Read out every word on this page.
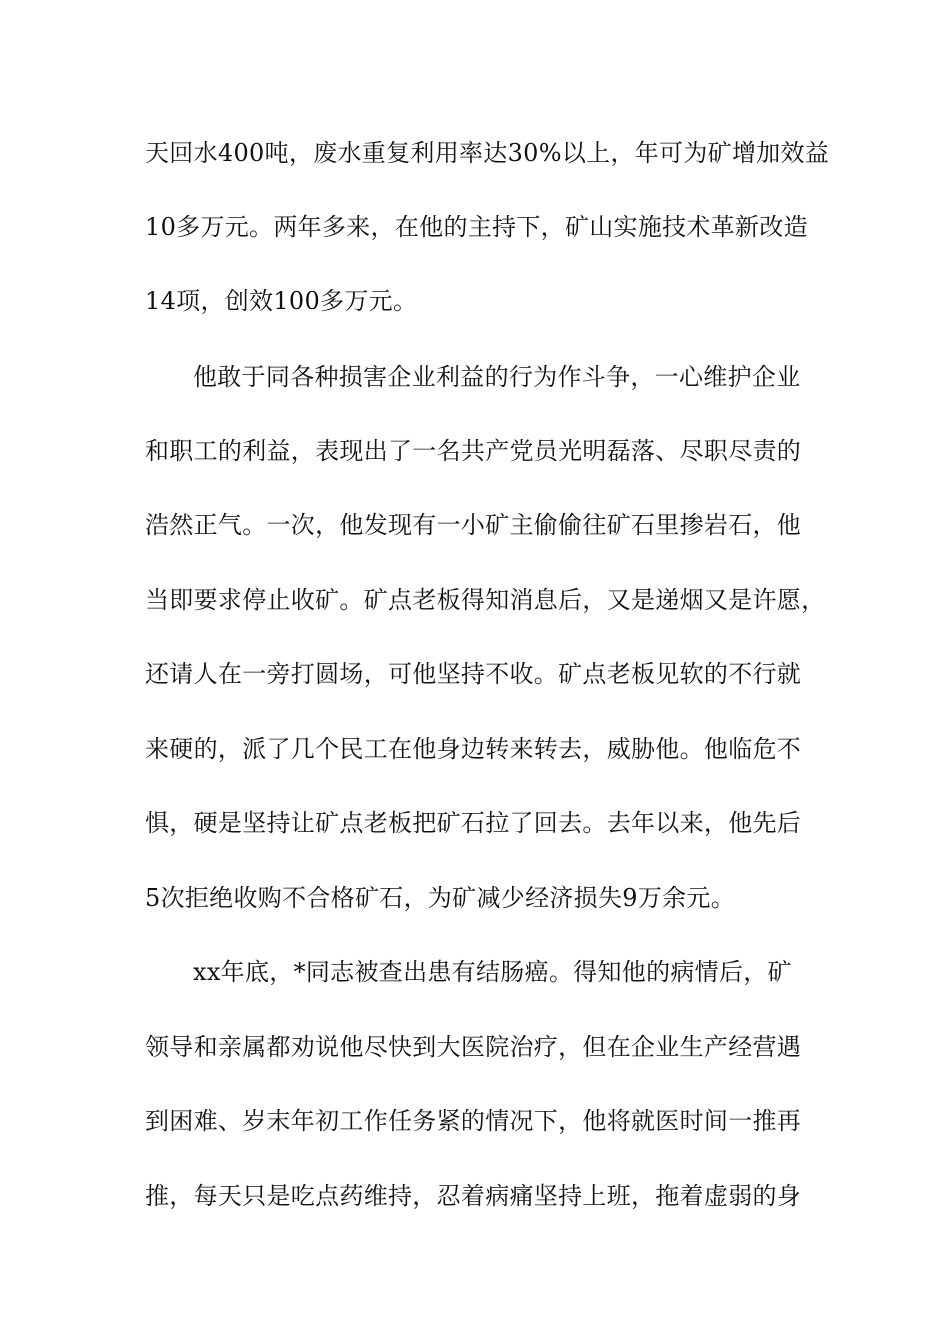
天回水400吨，废水重复利用率达30%以上，年可为矿增加效益
10多万元。两年多来，在他的主持下，矿山实施技术革新改造
14项，创效100多万元。
他敢于同各种损害企业利益的行为作斗争，一心维护企业
和职工的利益，表现出了一名共产党员光明磊落、尽职尽责的
浩然正气。一次，他发现有一小矿主偷偷往矿石里掺岩石，他
当即要求停止收矿。矿点老板得知消息后，又是递烟又是许愿，
还请人在一旁打圆场，可他坚持不收。矿点老板见软的不行就
来硬的，派了几个民工在他身边转来转去，威胁他。他临危不
惧，硬是坚持让矿点老板把矿石拉了回去。去年以来，他先后
5次拒绝收购不合格矿石，为矿减少经济损失9万余元。
xx年底，*同志被查出患有结肠癌。得知他的病情后，矿
领导和亲属都劝说他尽快到大医院治疗，但在企业生产经营遇
到困难、岁末年初工作任务紧的情况下，他将就医时间一推再
推，每天只是吃点药维持，忍着病痛坚持上班，拖着虚弱的身
